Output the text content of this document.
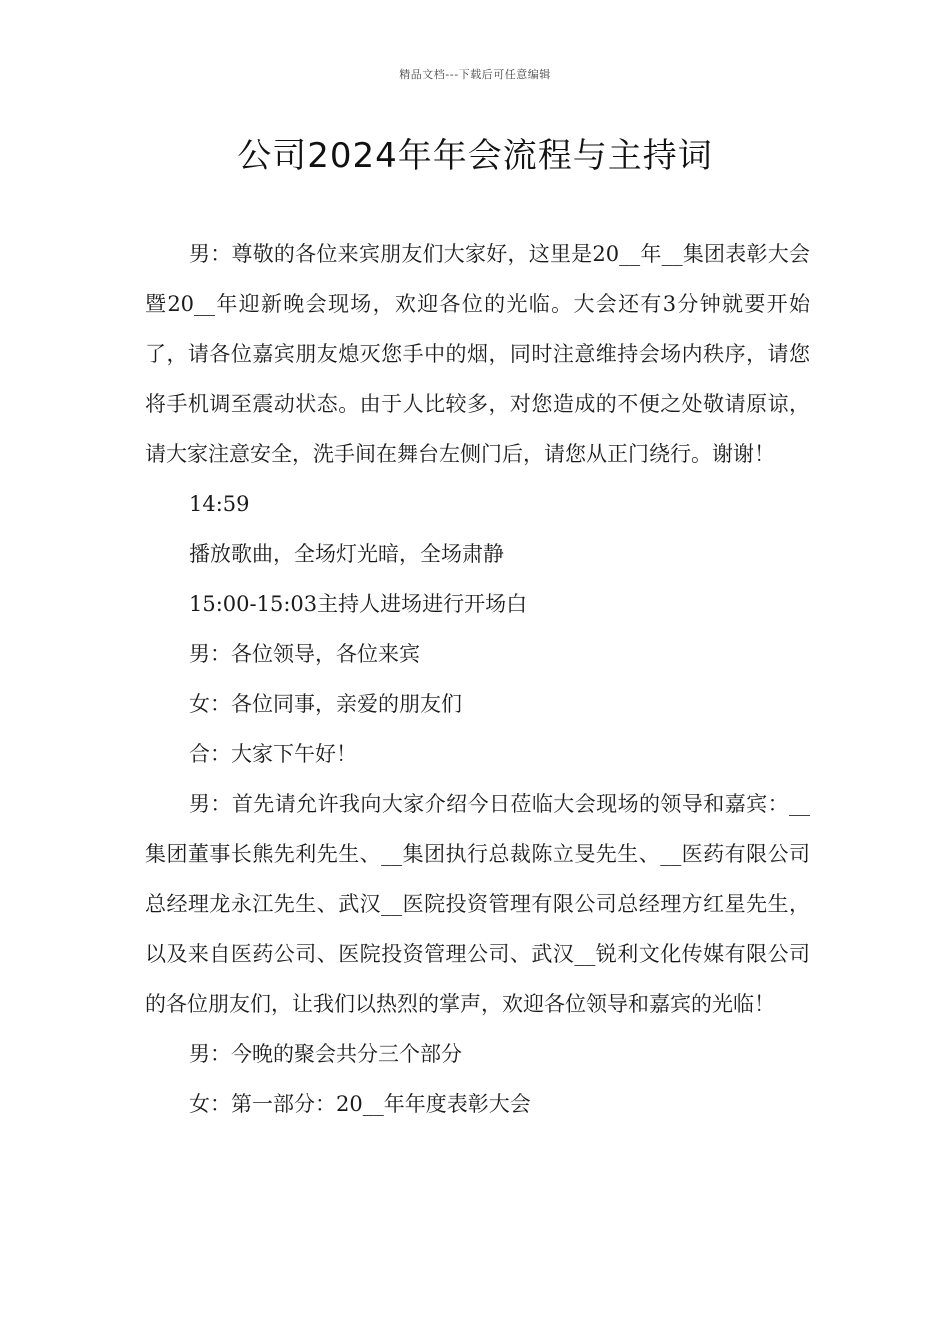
精品文档---下载后可任意编辑
公司2024年年会流程与主持词

男：尊敬的各位来宾朋友们大家好，这里是20__年__集团表彰大会暨20__年迎新晚会现场，欢迎各位的光临。大会还有3分钟就要开始了，请各位嘉宾朋友熄灭您手中的烟，同时注意维持会场内秩序，请您将手机调至震动状态。由于人比较多，对您造成的不便之处敬请原谅，请大家注意安全，洗手间在舞台左侧门后，请您从正门绕行。谢谢！

14:59

播放歌曲，全场灯光暗，全场肃静

15:00-15:03主持人进场进行开场白

男：各位领导，各位来宾

女：各位同事，亲爱的朋友们

合：大家下午好！

男：首先请允许我向大家介绍今日莅临大会现场的领导和嘉宾：__集团董事长熊先利先生、__集团执行总裁陈立旻先生、__医药有限公司总经理龙永江先生、武汉__医院投资管理有限公司总经理方红星先生，以及来自医药公司、医院投资管理公司、武汉__锐利文化传媒有限公司的各位朋友们，让我们以热烈的掌声，欢迎各位领导和嘉宾的光临！

男：今晚的聚会共分三个部分

女：第一部分：20__年年度表彰大会
